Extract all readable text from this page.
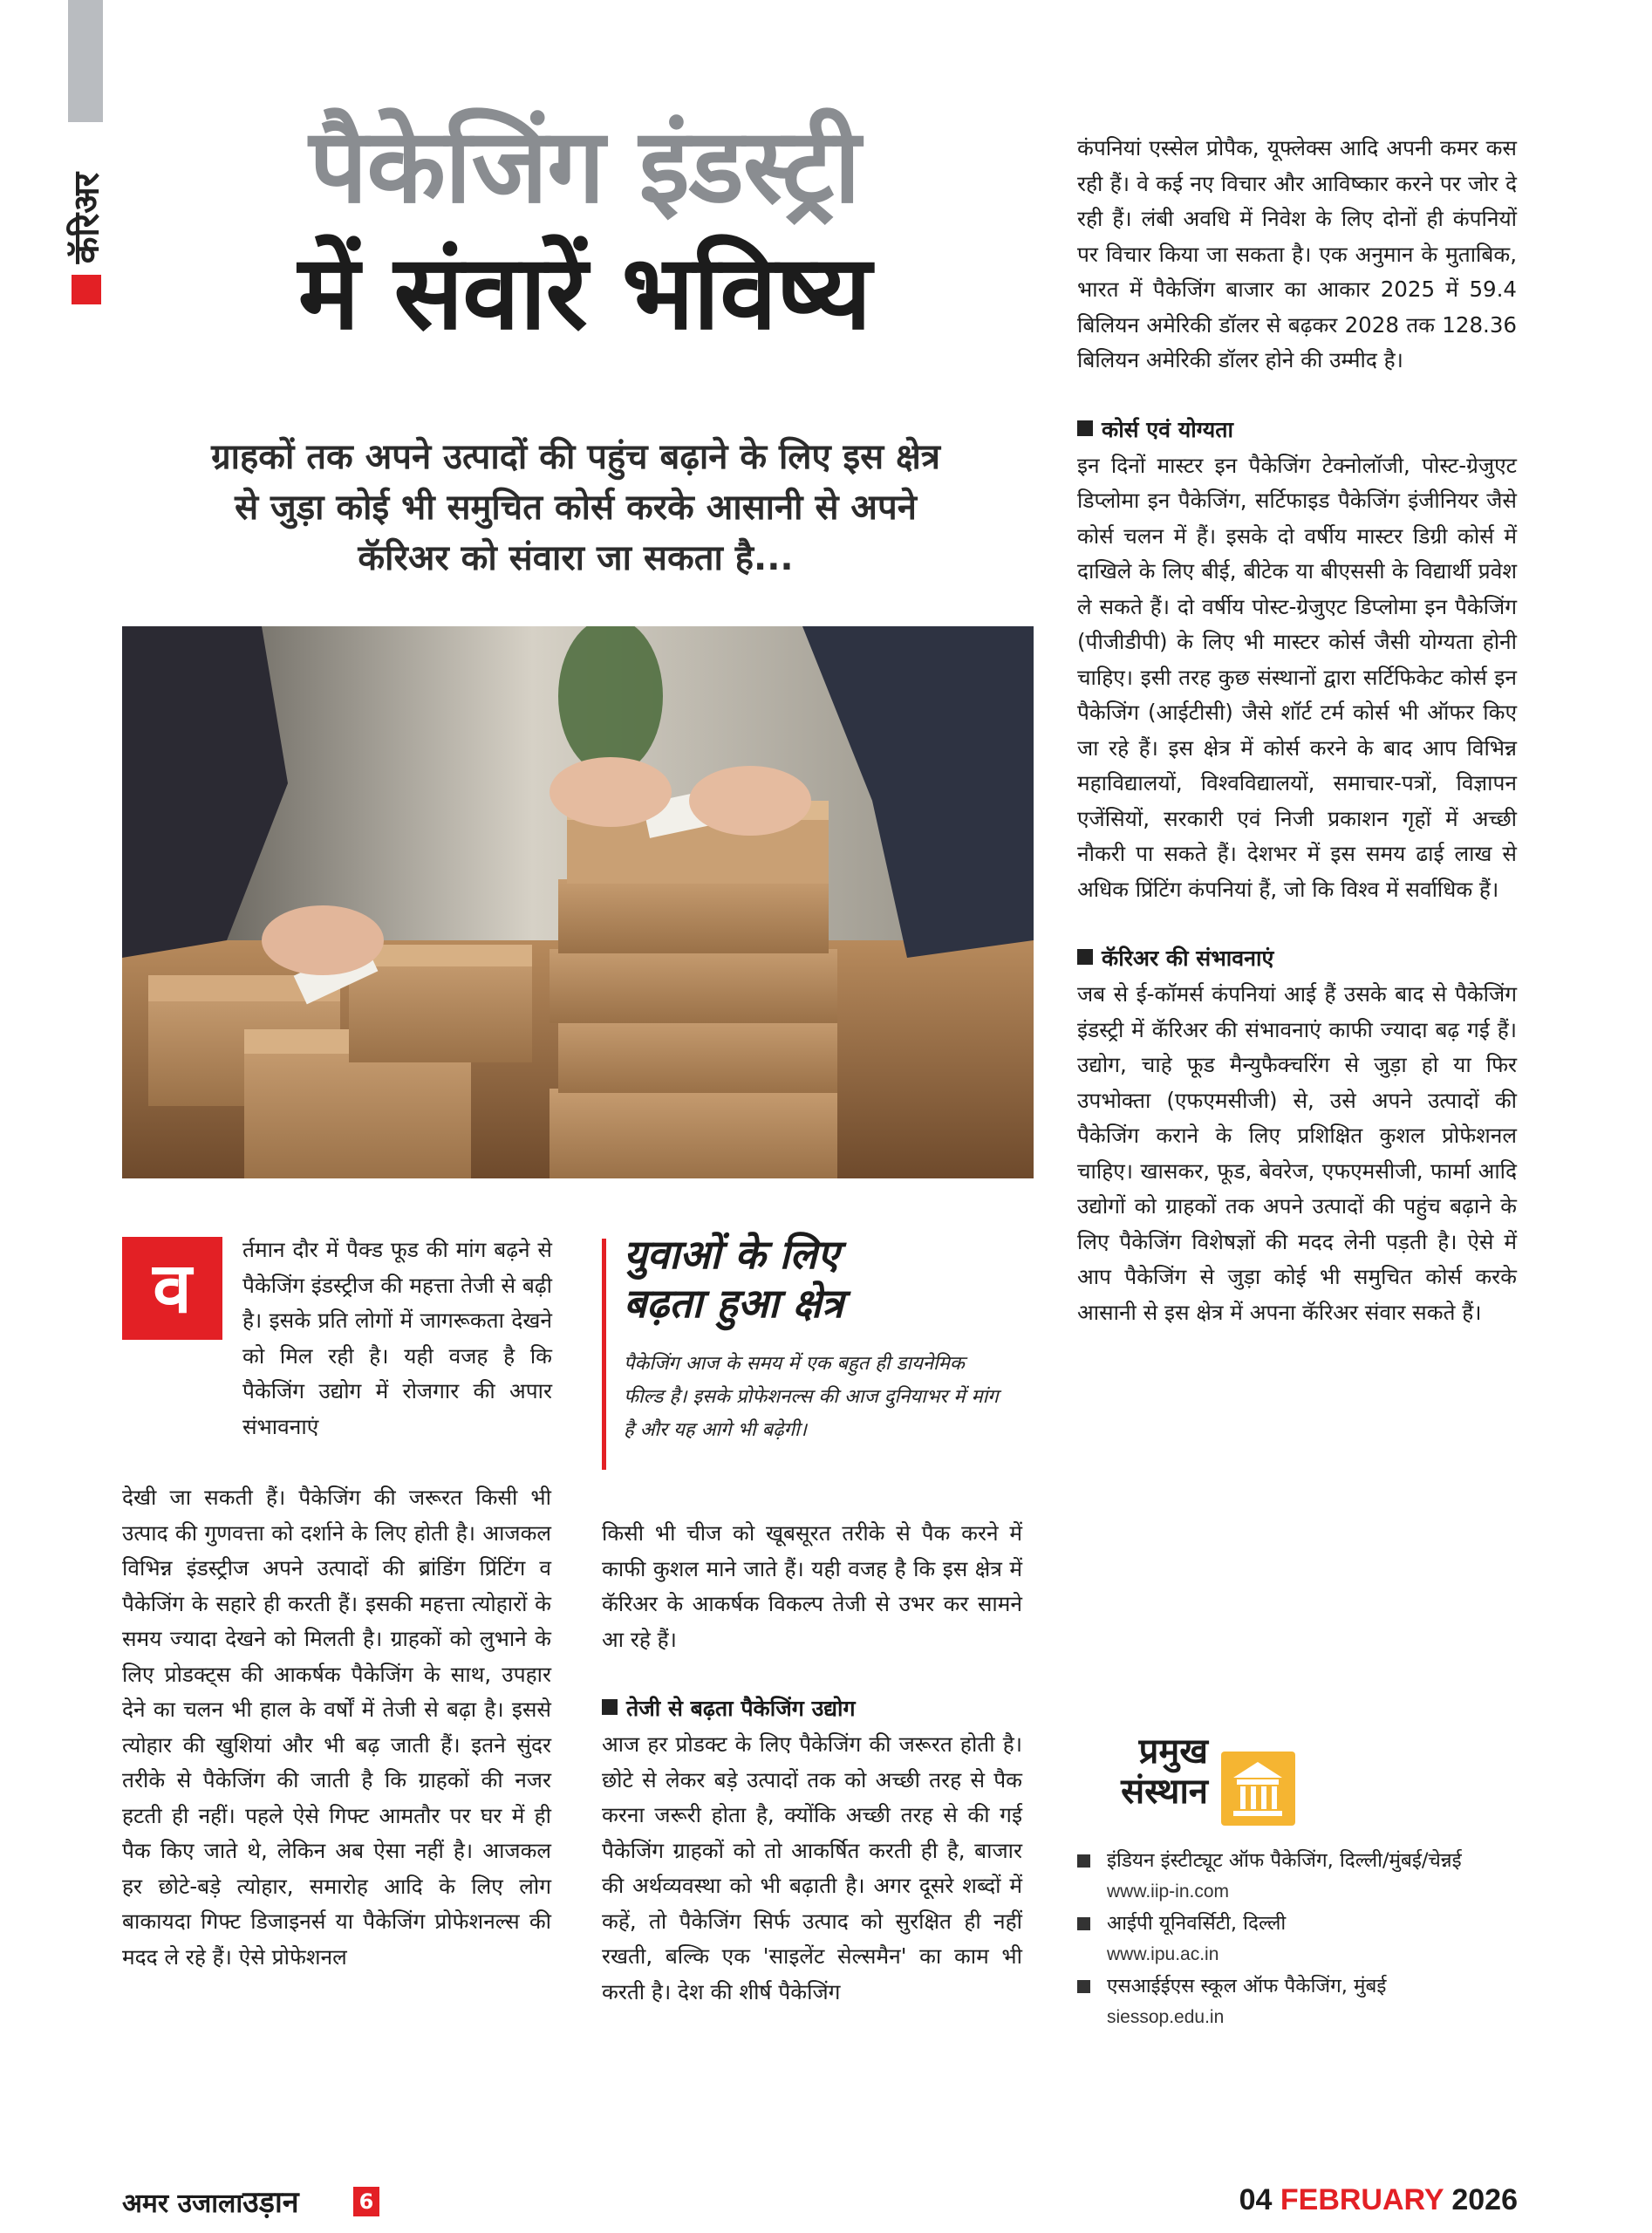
कॅरिअर	पैकेजिंग इंडस्ट्री
में संवारें भविष्य
ग्राहकों तक अपने उत्पादों की पहुंच बढ़ाने के लिए इस क्षेत्र
से जुड़ा कोई भी समुचित कोर्स करके आसानी से अपने
कॅरिअर को संवारा जा सकता है...
व	र्तमान दौर में पैक्ड फूड की मांग बढ़ने से पैकेजिंग इंडस्ट्रीज की महत्ता तेजी से बढ़ी है। इसके प्रति लोगों में जागरूकता देखने को मिल रही है। यही वजह है कि पैकेजिंग उद्योग में रोजगार की अपार संभावनाएं
देखी जा सकती हैं। पैकेजिंग की जरूरत किसी भी उत्पाद की गुणवत्ता को दर्शाने के लिए होती है। आजकल विभिन्न इंडस्ट्रीज अपने उत्पादों की ब्रांडिंग प्रिंटिंग व पैकेजिंग के सहारे ही करती हैं। इसकी महत्ता त्योहारों के समय ज्यादा देखने को मिलती है। ग्राहकों को लुभाने के लिए प्रोडक्ट्स की आकर्षक पैकेजिंग के साथ, उपहार देने का चलन भी हाल के वर्षों में तेजी से बढ़ा है। इससे त्योहार की खुशियां और भी बढ़ जाती हैं। इतने सुंदर तरीके से पैकेजिंग की जाती है कि ग्राहकों की नजर हटती ही नहीं। पहले ऐसे गिफ्ट आमतौर पर घर में ही पैक किए जाते थे, लेकिन अब ऐसा नहीं है। आजकल हर छोटे-बड़े त्योहार, समारोह आदि के लिए लोग बाकायदा गिफ्ट डिजाइनर्स या पैकेजिंग प्रोफेशनल्स की मदद ले रहे हैं। ऐसे प्रोफेशनल
युवाओं के लिए
बढ़ता हुआ क्षेत्र
पैकेजिंग आज के समय में एक बहुत ही डायनेमिक फील्ड है। इसके प्रोफेशनल्स की आज दुनियाभर में मांग है और यह आगे भी बढ़ेगी।

किसी भी चीज को खूबसूरत तरीके से पैक करने में काफी कुशल माने जाते हैं। यही वजह है कि इस क्षेत्र में कॅरिअर के आकर्षक विकल्प तेजी से उभर कर सामने आ रहे हैं।

तेजी से बढ़ता पैकेजिंग उद्योग

आज हर प्रोडक्ट के लिए पैकेजिंग की जरूरत होती है। छोटे से लेकर बड़े उत्पादों तक को अच्छी तरह से पैक करना जरूरी होता है, क्योंकि अच्छी तरह से की गई पैकेजिंग ग्राहकों को तो आकर्षित करती ही है, बाजार की अर्थव्यवस्था को भी बढ़ाती है। अगर दूसरे शब्दों में कहें, तो पैकेजिंग सिर्फ उत्पाद को सुरक्षित ही नहीं रखती, बल्कि एक 'साइलेंट सेल्समैन' का काम भी करती है। देश की शीर्ष पैकेजिंग

कंपनियां एस्सेल प्रोपैक, यूफ्लेक्स आदि अपनी कमर कस रही हैं। वे कई नए विचार और आविष्कार करने पर जोर दे रही हैं। लंबी अवधि में निवेश के लिए दोनों ही कंपनियों पर विचार किया जा सकता है। एक अनुमान के मुताबिक, भारत में पैकेजिंग बाजार का आकार 2025 में 59.4 बिलियन अमेरिकी डॉलर से बढ़कर 2028 तक 128.36 बिलियन अमेरिकी डॉलर होने की उम्मीद है।

कोर्स एवं योग्यता

इन दिनों मास्टर इन पैकेजिंग टेक्नोलॉजी, पोस्ट-ग्रेजुएट डिप्लोमा इन पैकेजिंग, सर्टिफाइड पैकेजिंग इंजीनियर जैसे कोर्स चलन में हैं। इसके दो वर्षीय मास्टर डिग्री कोर्स में दाखिले के लिए बीई, बीटेक या बीएससी के विद्यार्थी प्रवेश ले सकते हैं। दो वर्षीय पोस्ट-ग्रेजुएट डिप्लोमा इन पैकेजिंग (पीजीडीपी) के लिए भी मास्टर कोर्स जैसी योग्यता होनी चाहिए। इसी तरह कुछ संस्थानों द्वारा सर्टिफिकेट कोर्स इन पैकेजिंग (आईटीसी) जैसे शॉर्ट टर्म कोर्स भी ऑफर किए जा रहे हैं। इस क्षेत्र में कोर्स करने के बाद आप विभिन्न महाविद्यालयों, विश्वविद्यालयों, समाचार-पत्रों, विज्ञापन एजेंसियों, सरकारी एवं निजी प्रकाशन गृहों में अच्छी नौकरी पा सकते हैं। देशभर में इस समय ढाई लाख से अधिक प्रिंटिंग कंपनियां हैं, जो कि विश्व में सर्वाधिक हैं।

कॅरिअर की संभावनाएं

जब से ई-कॉमर्स कंपनियां आई हैं उसके बाद से पैकेजिंग इंडस्ट्री में कॅरिअर की संभावनाएं काफी ज्यादा बढ़ गई हैं। उद्योग, चाहे फूड मैन्युफैक्चरिंग से जुड़ा हो या फिर उपभोक्ता (एफएमसीजी) से, उसे अपने उत्पादों की पैकेजिंग कराने के लिए प्रशिक्षित कुशल प्रोफेशनल चाहिए। खासकर, फूड, बेवरेज, एफएमसीजी, फार्मा आदि उद्योगों को ग्राहकों तक अपने उत्पादों की पहुंच बढ़ाने के लिए पैकेजिंग विशेषज्ञों की मदद लेनी पड़ती है। ऐसे में आप पैकेजिंग से जुड़ा कोई भी समुचित कोर्स करके आसानी से इस क्षेत्र में अपना कॅरिअर संवार सकते हैं।

प्रमुख
संस्थान
इंडियन इंस्टीट्यूट ऑफ पैकेजिंग, दिल्ली/मुंबई/चेन्नई
www.iip-in.com
आईपी यूनिवर्सिटी, दिल्ली
www.ipu.ac.in
एसआईईएस स्कूल ऑफ पैकेजिंग, मुंबई
siessop.edu.in
अमर उजालाउड़ान	6	04 FEBRUARY 2026
